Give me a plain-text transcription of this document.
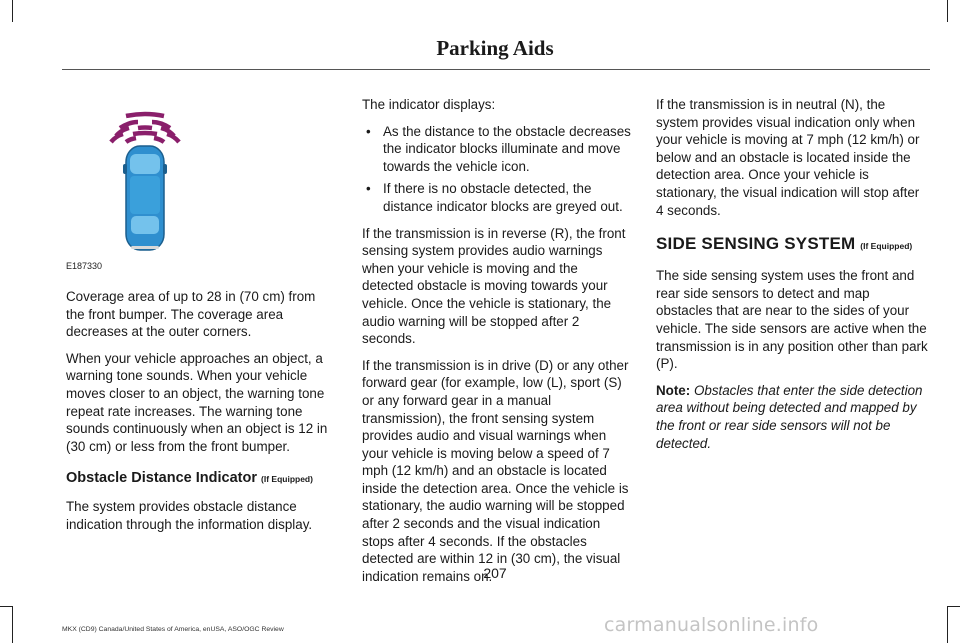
Parking Aids
E187330

Coverage area of up to 28 in (70 cm) from the front bumper. The coverage area decreases at the outer corners.

When your vehicle approaches an object, a warning tone sounds. When your vehicle moves closer to an object, the warning tone repeat rate increases. The warning tone sounds continuously when an object is 12 in (30 cm) or less from the front bumper.

Obstacle Distance Indicator (If Equipped)

The system provides obstacle distance indication through the information display.

The indicator displays:

• As the distance to the obstacle decreases the indicator blocks illuminate and move towards the vehicle icon.
• If there is no obstacle detected, the distance indicator blocks are greyed out.

If the transmission is in reverse (R), the front sensing system provides audio warnings when your vehicle is moving and the detected obstacle is moving towards your vehicle. Once the vehicle is stationary, the audio warning will be stopped after 2 seconds.

If the transmission is in drive (D) or any other forward gear (for example, low (L), sport (S) or any forward gear in a manual transmission), the front sensing system provides audio and visual warnings when your vehicle is moving below a speed of 7 mph (12 km/h) and an obstacle is located inside the detection area. Once the vehicle is stationary, the audio warning will be stopped after 2 seconds and the visual indication stops after 4 seconds. If the obstacles detected are within 12 in (30 cm), the visual indication remains on.

If the transmission is in neutral (N), the system provides visual indication only when your vehicle is moving at 7 mph (12 km/h) or below and an obstacle is located inside the detection area. Once your vehicle is stationary, the visual indication will stop after 4 seconds.

SIDE SENSING SYSTEM (If Equipped)

The side sensing system uses the front and rear side sensors to detect and map obstacles that are near to the sides of your vehicle. The side sensors are active when the transmission is in any position other than park (P).

Note: Obstacles that enter the side detection area without being detected and mapped by the front or rear side sensors will not be detected.

207
MKX (CD9) Canada/United States of America, enUSA, ASO/OGC Review	carmanualsonline.info
